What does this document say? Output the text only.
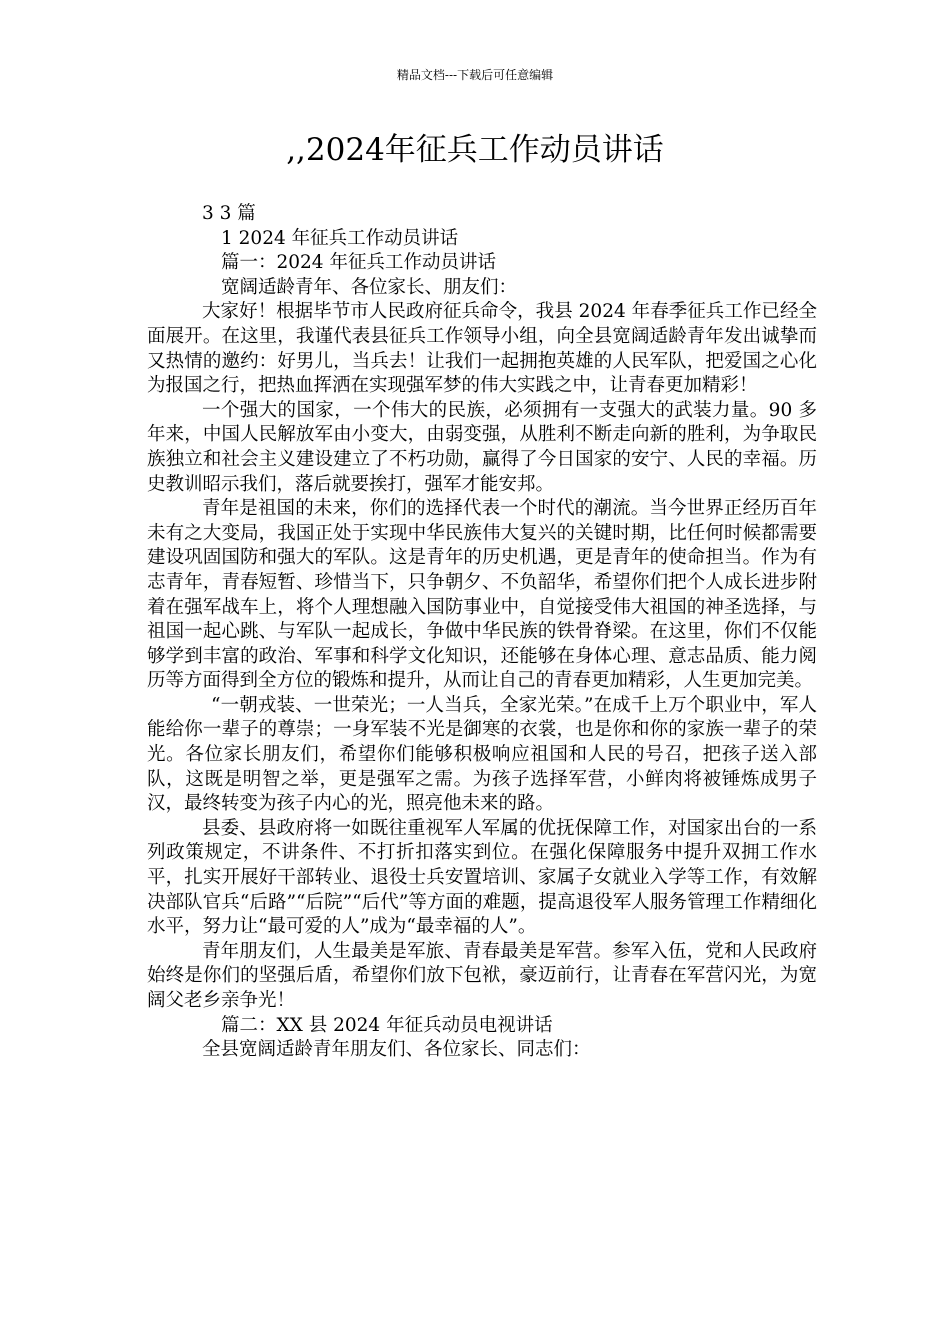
精品文档---下载后可任意编辑
,,2024年征兵工作动员讲话

3 3 篇

1 2024 年征兵工作动员讲话

篇一：2024 年征兵工作动员讲话

宽阔适龄青年、各位家长、朋友们：

大家好！根据毕节市人民政府征兵命令，我县 2024 年春季征兵工作已经全面展开。在这里，我谨代表县征兵工作领导小组，向全县宽阔适龄青年发出诚挚而又热情的邀约：好男儿，当兵去！让我们一起拥抱英雄的人民军队，把爱国之心化为报国之行，把热血挥洒在实现强军梦的伟大实践之中，让青春更加精彩！

一个强大的国家，一个伟大的民族，必须拥有一支强大的武装力量。90 多年来，中国人民解放军由小变大，由弱变强，从胜利不断走向新的胜利，为争取民族独立和社会主义建设建立了不朽功勋，赢得了今日国家的安宁、人民的幸福。历史教训昭示我们，落后就要挨打，强军才能安邦。

青年是祖国的未来，你们的选择代表一个时代的潮流。当今世界正经历百年未有之大变局，我国正处于实现中华民族伟大复兴的关键时期，比任何时候都需要建设巩固国防和强大的军队。这是青年的历史机遇，更是青年的使命担当。作为有志青年，青春短暂、珍惜当下，只争朝夕、不负韶华，希望你们把个人成长进步附着在强军战车上，将个人理想融入国防事业中，自觉接受伟大祖国的神圣选择，与祖国一起心跳、与军队一起成长，争做中华民族的铁骨脊梁。在这里，你们不仅能够学到丰富的政治、军事和科学文化知识，还能够在身体心理、意志品质、能力阅历等方面得到全方位的锻炼和提升，从而让自己的青春更加精彩，人生更加完美。

“一朝戎装、一世荣光；一人当兵，全家光荣。”在成千上万个职业中，军人能给你一辈子的尊崇；一身军装不光是御寒的衣裳，也是你和你的家族一辈子的荣光。各位家长朋友们，希望你们能够积极响应祖国和人民的号召，把孩子送入部队，这既是明智之举，更是强军之需。为孩子选择军营，小鲜肉将被锤炼成男子汉，最终转变为孩子内心的光，照亮他未来的路。

县委、县政府将一如既往重视军人军属的优抚保障工作，对国家出台的一系列政策规定，不讲条件、不打折扣落实到位。在强化保障服务中提升双拥工作水平，扎实开展好干部转业、退役士兵安置培训、家属子女就业入学等工作，有效解决部队官兵“后路”“后院”“后代”等方面的难题，提高退役军人服务管理工作精细化水平，努力让“最可爱的人”成为“最幸福的人”。

青年朋友们，人生最美是军旅、青春最美是军营。参军入伍，党和人民政府始终是你们的坚强后盾，希望你们放下包袱，豪迈前行，让青春在军营闪光，为宽阔父老乡亲争光！

篇二：XX 县 2024 年征兵动员电视讲话

全县宽阔适龄青年朋友们、各位家长、同志们：
